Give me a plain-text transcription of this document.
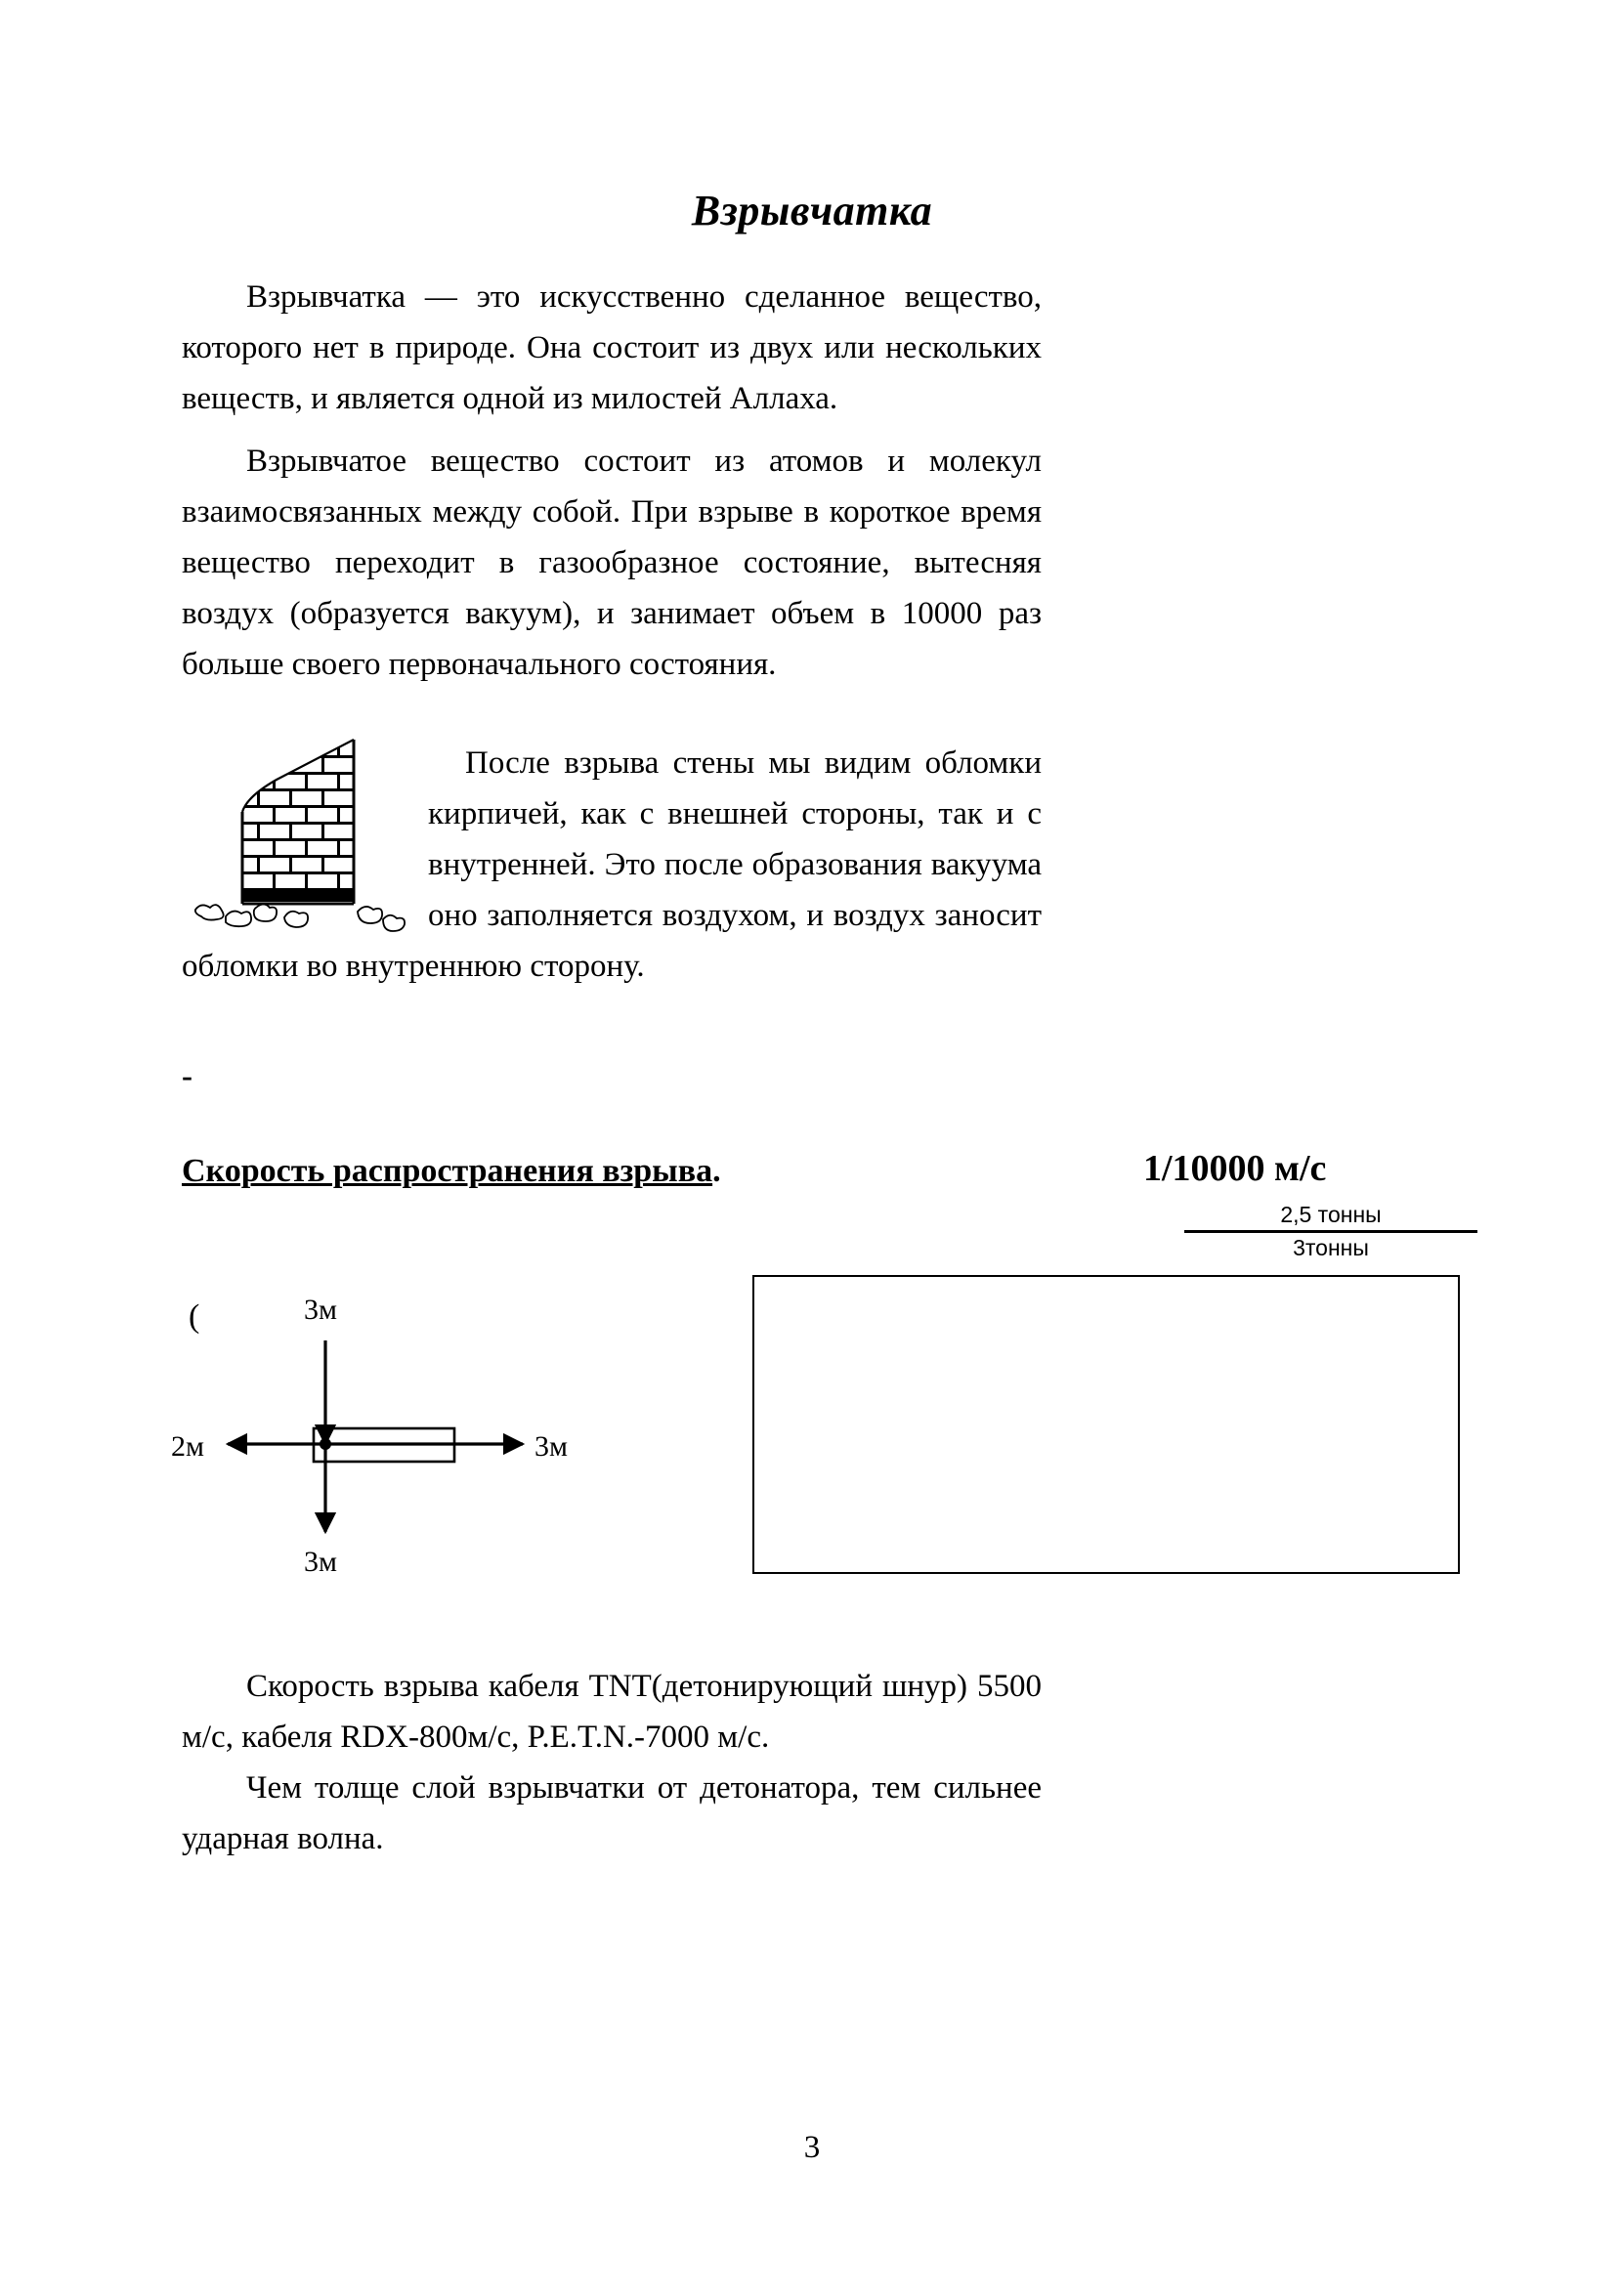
Взрывчатка

Взрывчатка — это искусственно сделанное вещество, которого нет в природе. Она состоит из двух или нескольких веществ, и является одной из милостей Аллаха.

Взрывчатое вещество состоит из атомов и молекул взаимосвязанных между собой. При взрыве в короткое время вещество переходит в газообразное состояние, вытесняя воздух (образуется вакуум), и занимает объем в 10000 раз больше своего первоначального состояния.

После взрыва стены мы видим обломки кирпичей, как с внешней стороны, так и с внутренней. Это после образования вакуума оно заполняется воздухом, и воздух заносит обломки во внутреннюю сторону.

-
Скорость распространения взрыва.	1/10000 м/с
2,5 тонны
3тонны
(	3м
3м
2м	3м

Скорость взрыва кабеля TNT(детонирующий шнур) 5500 м/с, кабеля RDX-800м/с, P.E.T.N.-7000 м/с.

Чем толще слой взрывчатки от детонатора, тем сильнее ударная волна.

3
